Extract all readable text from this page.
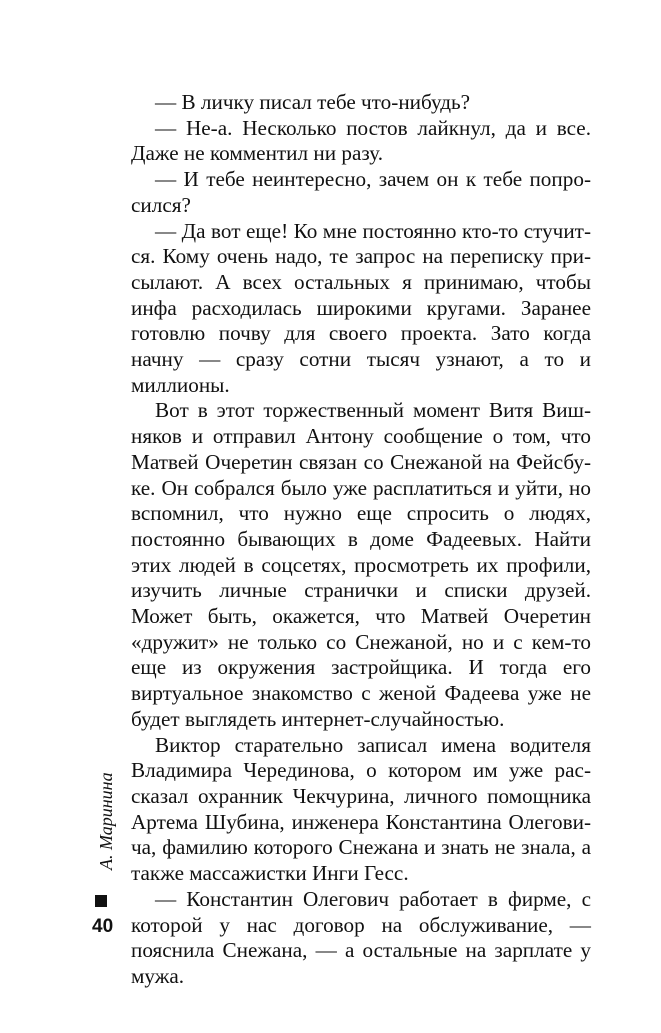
— В личку писал тебе что-нибудь?

— Не-а. Несколько постов лайкнул, да и все. Даже не комментил ни разу.

— И тебе неинтересно, зачем он к тебе попросился?

— Да вот еще! Ко мне постоянно кто-то стучится. Кому очень надо, те запрос на переписку присылают. А всех остальных я принимаю, чтобы инфа расходилась широкими кругами. Заранее готовлю почву для своего проекта. Зато когда начну — сразу сотни тысяч узнают, а то и миллионы.

Вот в этот торжественный момент Витя Вишняков и отправил Антону сообщение о том, что Матвей Очеретин связан со Снежаной на Фейсбуке. Он собрался было уже расплатиться и уйти, но вспомнил, что нужно еще спросить о людях, постоянно бывающих в доме Фадеевых. Найти этих людей в соцсетях, просмотреть их профили, изучить личные странички и списки друзей. Может быть, окажется, что Матвей Очеретин «дружит» не только со Снежаной, но и с кем-то еще из окружения застройщика. И тогда его виртуальное знакомство с женой Фадеева уже не будет выглядеть интернет-случайностью.

Виктор старательно записал имена водителя Владимира Черединова, о котором им уже рассказал охранник Чекчурина, личного помощника Артема Шубина, инженера Константина Олеговича, фамилию которого Снежана и знать не знала, а также массажистки Инги Гесс.

— Константин Олегович работает в фирме, с которой у нас договор на обслуживание, — пояснила Снежана, — а остальные на зарплате у мужа.

А. Маринина
40
